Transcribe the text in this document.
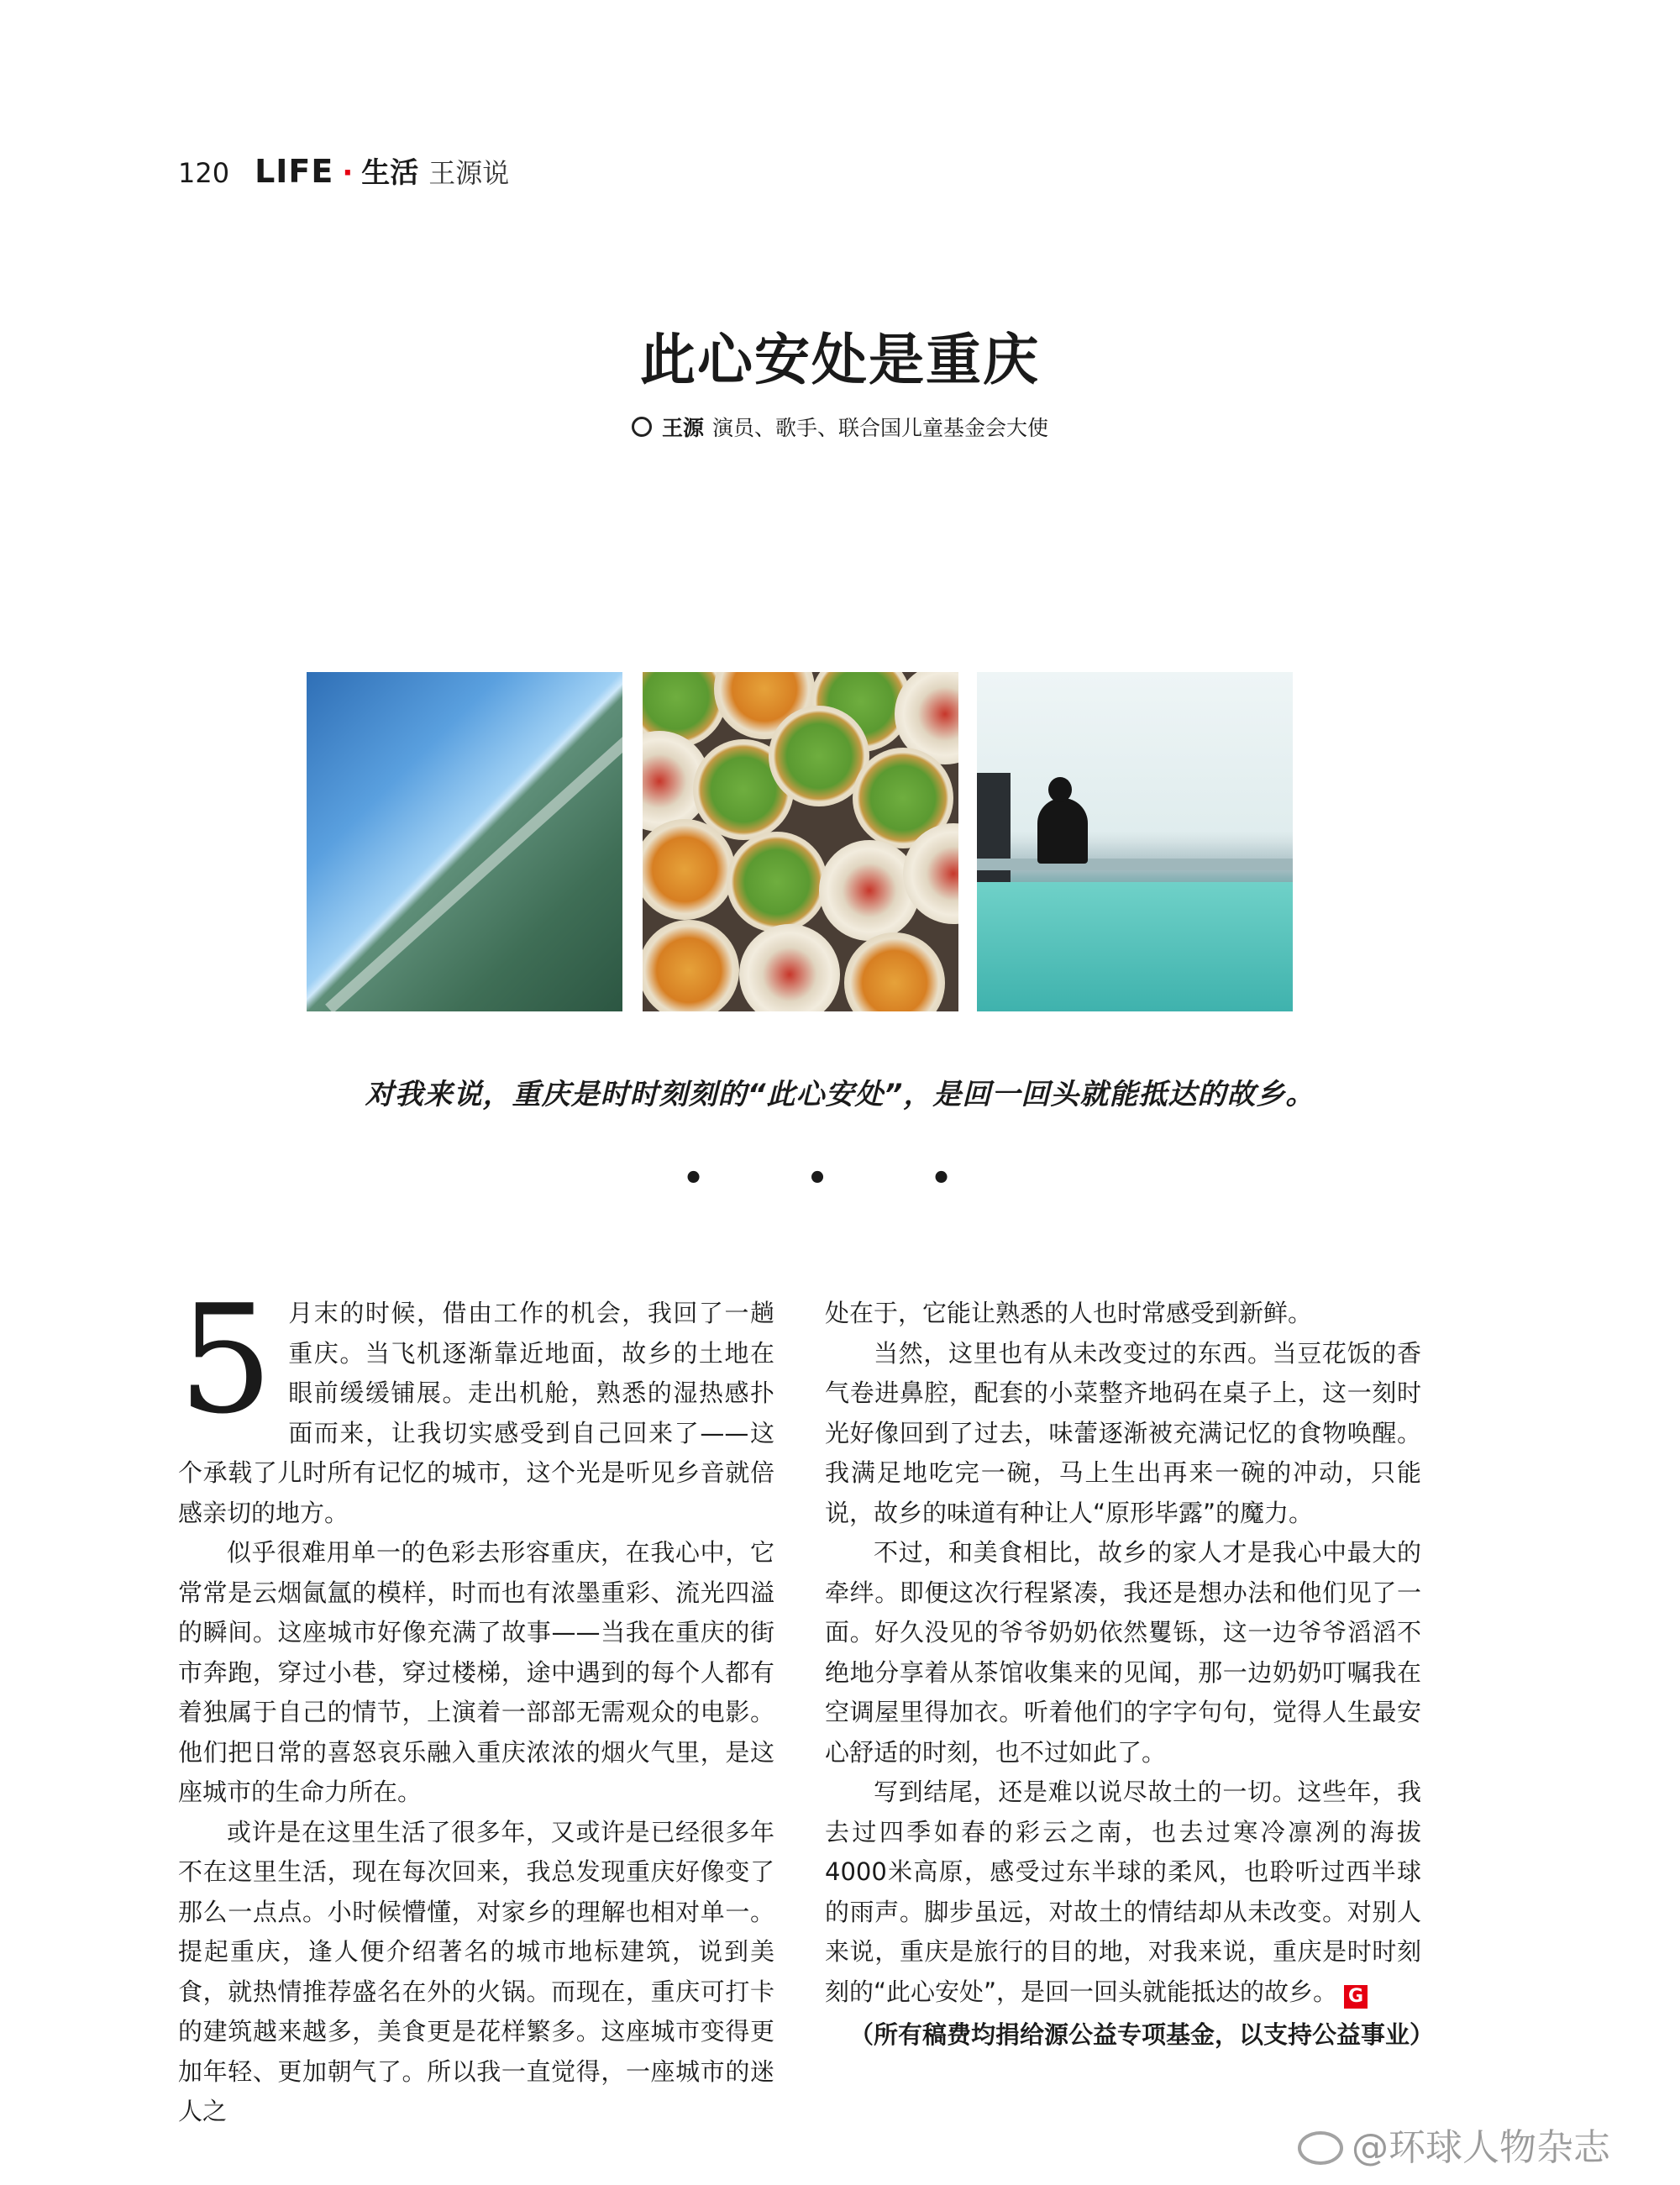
120 LIFE · 生活 王源说
此心安处是重庆
王源 演员、歌手、联合国儿童基金会大使
对我来说，重庆是时时刻刻的“此心安处”，是回一回头就能抵达的故乡。
• • •

5 月末的时候，借由工作的机会，我回了一趟重庆。当飞机逐渐靠近地面，故乡的土地在眼前缓缓铺展。走出机舱，熟悉的湿热感扑面而来，让我切实感受到自己回来了——这个承载了儿时所有记忆的城市，这个光是听见乡音就倍感亲切的地方。

似乎很难用单一的色彩去形容重庆，在我心中，它常常是云烟氤氲的模样，时而也有浓墨重彩、流光四溢的瞬间。这座城市好像充满了故事——当我在重庆的街市奔跑，穿过小巷，穿过楼梯，途中遇到的每个人都有着独属于自己的情节，上演着一部部无需观众的电影。他们把日常的喜怒哀乐融入重庆浓浓的烟火气里，是这座城市的生命力所在。

或许是在这里生活了很多年，又或许是已经很多年不在这里生活，现在每次回来，我总发现重庆好像变了那么一点点。小时候懵懂，对家乡的理解也相对单一。提起重庆，逢人便介绍著名的城市地标建筑，说到美食，就热情推荐盛名在外的火锅。而现在，重庆可打卡的建筑越来越多，美食更是花样繁多。这座城市变得更加年轻、更加朝气了。所以我一直觉得，一座城市的迷人之

处在于，它能让熟悉的人也时常感受到新鲜。

当然，这里也有从未改变过的东西。当豆花饭的香气卷进鼻腔，配套的小菜整齐地码在桌子上，这一刻时光好像回到了过去，味蕾逐渐被充满记忆的食物唤醒。我满足地吃完一碗，马上生出再来一碗的冲动，只能说，故乡的味道有种让人“原形毕露”的魔力。

不过，和美食相比，故乡的家人才是我心中最大的牵绊。即便这次行程紧凑，我还是想办法和他们见了一面。好久没见的爷爷奶奶依然矍铄，这一边爷爷滔滔不绝地分享着从茶馆收集来的见闻，那一边奶奶叮嘱我在空调屋里得加衣。听着他们的字字句句，觉得人生最安心舒适的时刻，也不过如此了。

写到结尾，还是难以说尽故土的一切。这些年，我去过四季如春的彩云之南，也去过寒冷凛冽的海拔4000米高原，感受过东半球的柔风，也聆听过西半球的雨声。脚步虽远，对故土的情结却从未改变。对别人来说，重庆是旅行的目的地，对我来说，重庆是时时刻刻的“此心安处”，是回一回头就能抵达的故乡。 G

（所有稿费均捐给源公益专项基金，以支持公益事业）
@环球人物杂志
